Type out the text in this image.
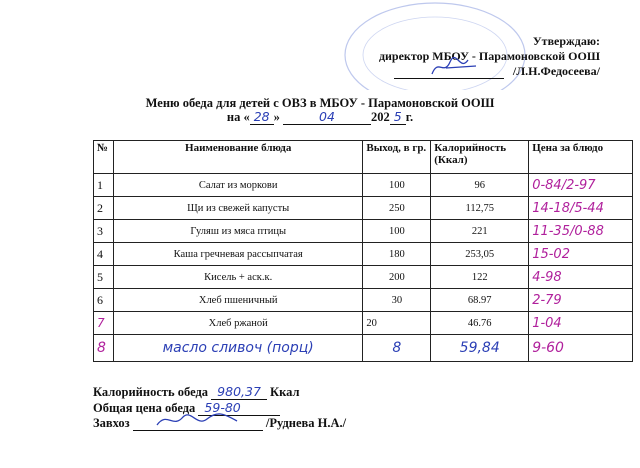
Утверждаю:
директор МБОУ - Парамоновской ООШ
/Л.Н.Федосеева/
Меню обеда для детей с ОВЗ в МБОУ - Парамоновской ООШ
на « 28 »	04	202 5 г.
№	Наименование блюда	Выход, в гр.	Калорийность (Ккал)	Цена за блюдо
1	Салат из моркови	100	96	0-84/2-97
2	Щи из свежей капусты	250	112,75	14-18/5-44
3	Гуляш из мяса птицы	100	221	11-35/0-88
4	Каша гречневая рассыпчатая	180	253,05	15-02
5	Кисель + аск.к.	200	122	4-98
6	Хлеб пшеничный	30	68.97	2-79
7	Хлеб ржаной	20	46.76	1-04
8	масло сливоч (порц)	8	59,84	9-60
Калорийность обеда 980,37 Ккал
Общая цена обеда 59-80
Завхоз	/Руднева Н.А./
